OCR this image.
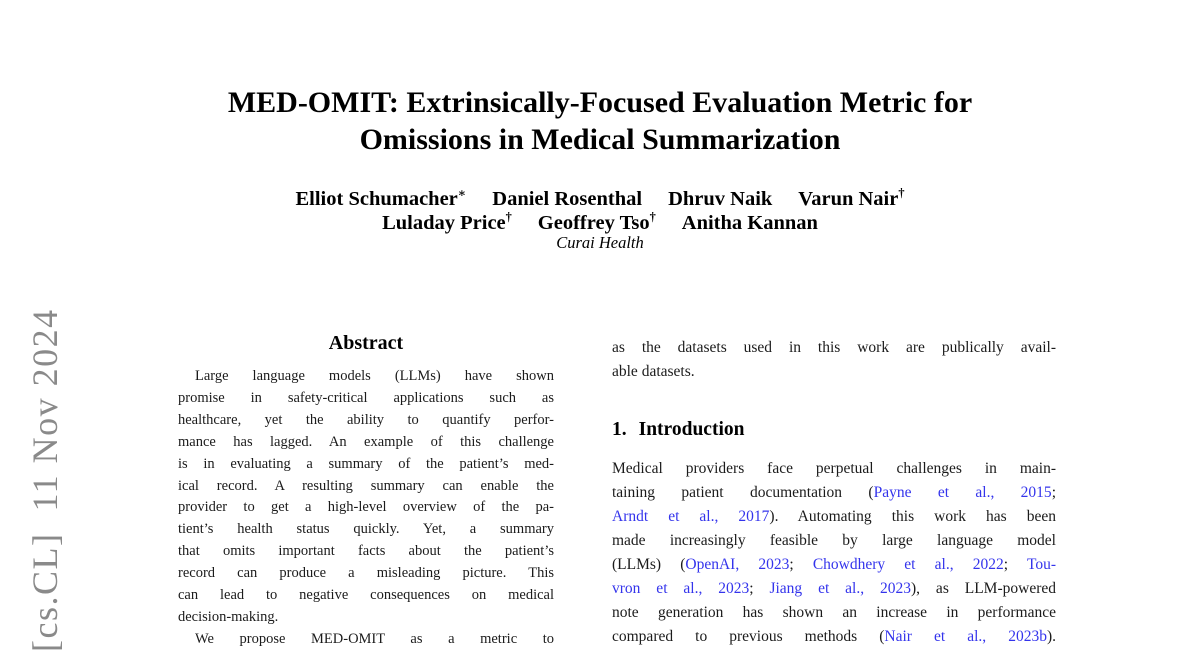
[cs.CL]  11 Nov 2024
MED-OMIT: Extrinsically-Focused Evaluation Metric for
Omissions in Medical Summarization
Elliot Schumacher∗ Daniel Rosenthal Dhruv Naik Varun Nair†
Luladay Price† Geoffrey Tso† Anitha Kannan
Curai Health
Abstract
Large language models (LLMs) have shown
promise in safety-critical applications such as
healthcare, yet the ability to quantify perfor-
mance has lagged. An example of this challenge
is in evaluating a summary of the patient’s med-
ical record. A resulting summary can enable the
provider to get a high-level overview of the pa-
tient’s health status quickly. Yet, a summary
that omits important facts about the patient’s
record can produce a misleading picture. This
can lead to negative consequences on medical
decision-making.
We propose MED-OMIT as a metric to
as the datasets used in this work are publically avail-
able datasets.
1. Introduction
Medical providers face perpetual challenges in main-
taining patient documentation (Payne et al., 2015;
Arndt et al., 2017). Automating this work has been
made increasingly feasible by large language model
(LLMs) (OpenAI, 2023; Chowdhery et al., 2022; Tou-
vron et al., 2023; Jiang et al., 2023), as LLM-powered
note generation has shown an increase in performance
compared to previous methods (Nair et al., 2023b).
